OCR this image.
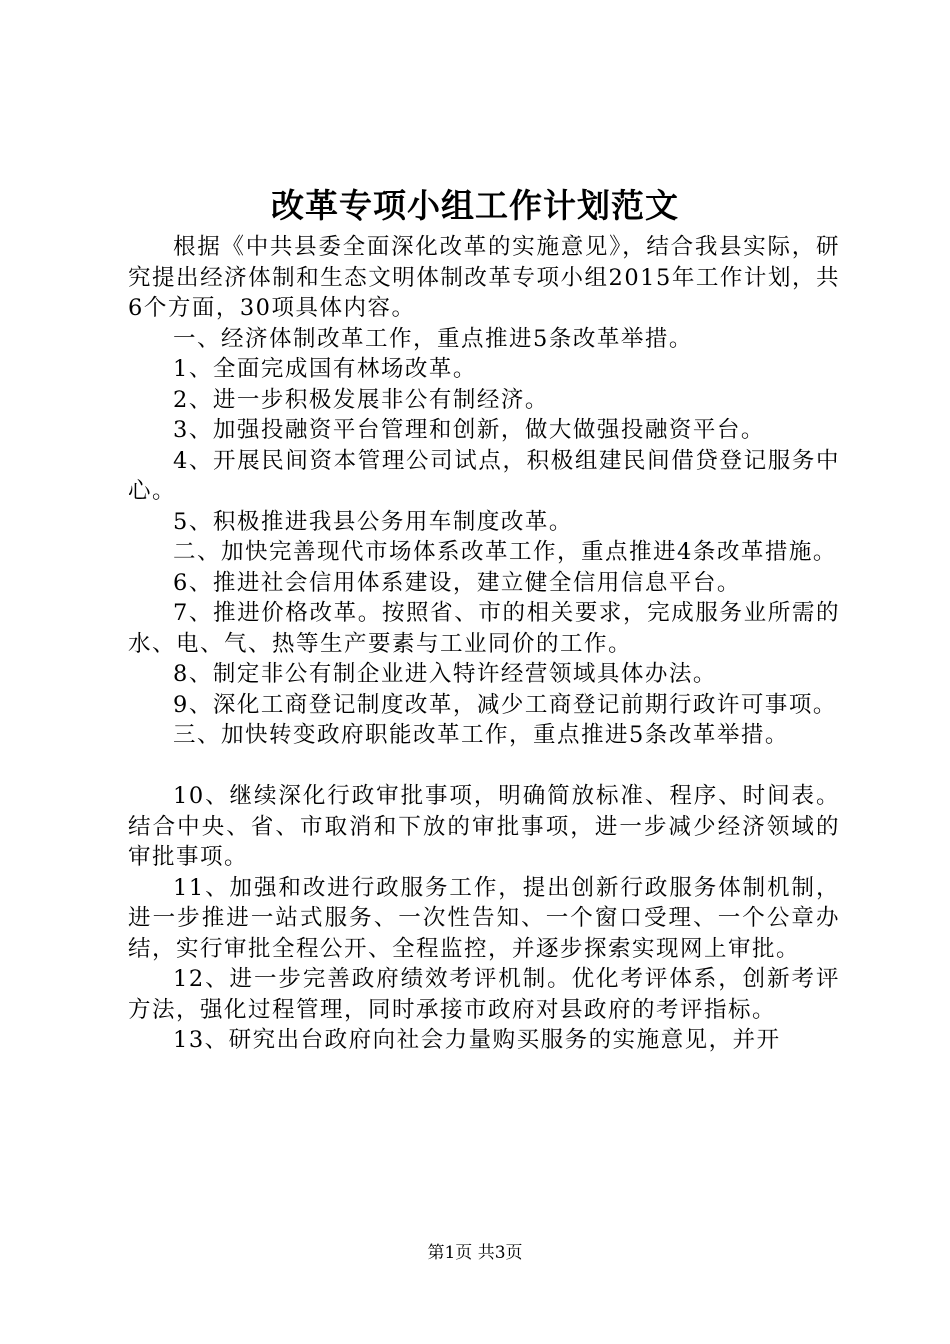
改革专项小组工作计划范文

根据《中共县委全面深化改革的实施意见》，结合我县实际，研究提出经济体制和生态文明体制改革专项小组2015年工作计划，共6个方面，30项具体内容。

一、经济体制改革工作，重点推进5条改革举措。

1、全面完成国有林场改革。

2、进一步积极发展非公有制经济。

3、加强投融资平台管理和创新，做大做强投融资平台。

4、开展民间资本管理公司试点，积极组建民间借贷登记服务中心。

5、积极推进我县公务用车制度改革。

二、加快完善现代市场体系改革工作，重点推进4条改革措施。

6、推进社会信用体系建设，建立健全信用信息平台。

7、推进价格改革。按照省、市的相关要求，完成服务业所需的水、电、气、热等生产要素与工业同价的工作。

8、制定非公有制企业进入特许经营领域具体办法。

9、深化工商登记制度改革，减少工商登记前期行政许可事项。

三、加快转变政府职能改革工作，重点推进5条改革举措。

10、继续深化行政审批事项，明确简放标准、程序、时间表。结合中央、省、市取消和下放的审批事项，进一步减少经济领域的审批事项。

11、加强和改进行政服务工作，提出创新行政服务体制机制，进一步推进一站式服务、一次性告知、一个窗口受理、一个公章办结，实行审批全程公开、全程监控，并逐步探索实现网上审批。

12、进一步完善政府绩效考评机制。优化考评体系，创新考评方法，强化过程管理，同时承接市政府对县政府的考评指标。

13、研究出台政府向社会力量购买服务的实施意见，并开

第1页 共3页
